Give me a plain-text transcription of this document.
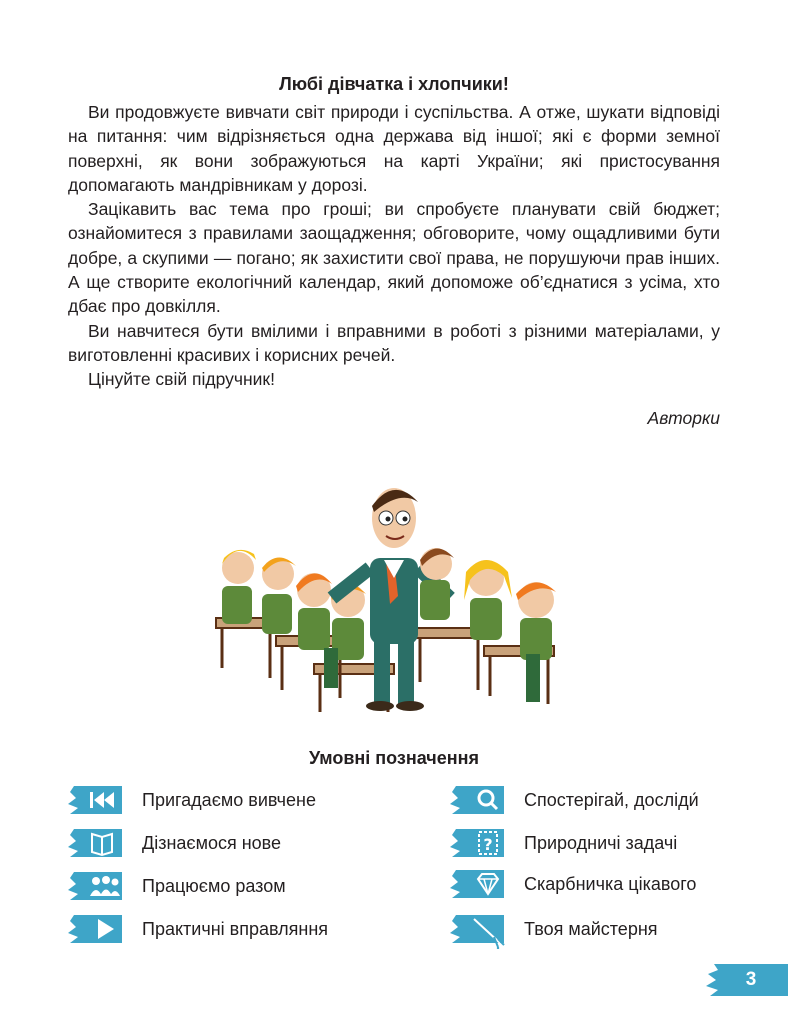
Любі дівчатка і хлопчики!

Ви продовжуєте вивчати світ природи і суспільства. А отже, шукати відповіді на питання: чим відрізняється одна держава від іншої; які є форми земної поверхні, як вони зображуються на карті України; які пристосування допомагають мандрівникам у дорозі.

Зацікавить вас тема про гроші; ви спробуєте планувати свій бюджет; ознайомитеся з правилами заощадження; обговорите, чому ощадливими бути добре, а скупими — погано; як захистити свої права, не порушуючи прав інших. А ще створите екологічний календар, який допоможе об’єднатися з усіма, хто дбає про довкілля.

Ви навчитеся бути вмілими і вправними в роботі з різними матеріалами, у виготовленні красивих і корисних речей.

Цінуйте свій підручник!

Авторки
Умовні позначення
Пригадаємо вивчене
Дізнаємося нове
Працюємо разом
Практичні вправляння
Спостерігай, досліди́
? Природничі задачі
Скарбничка цікавого
Твоя майстерня
3
